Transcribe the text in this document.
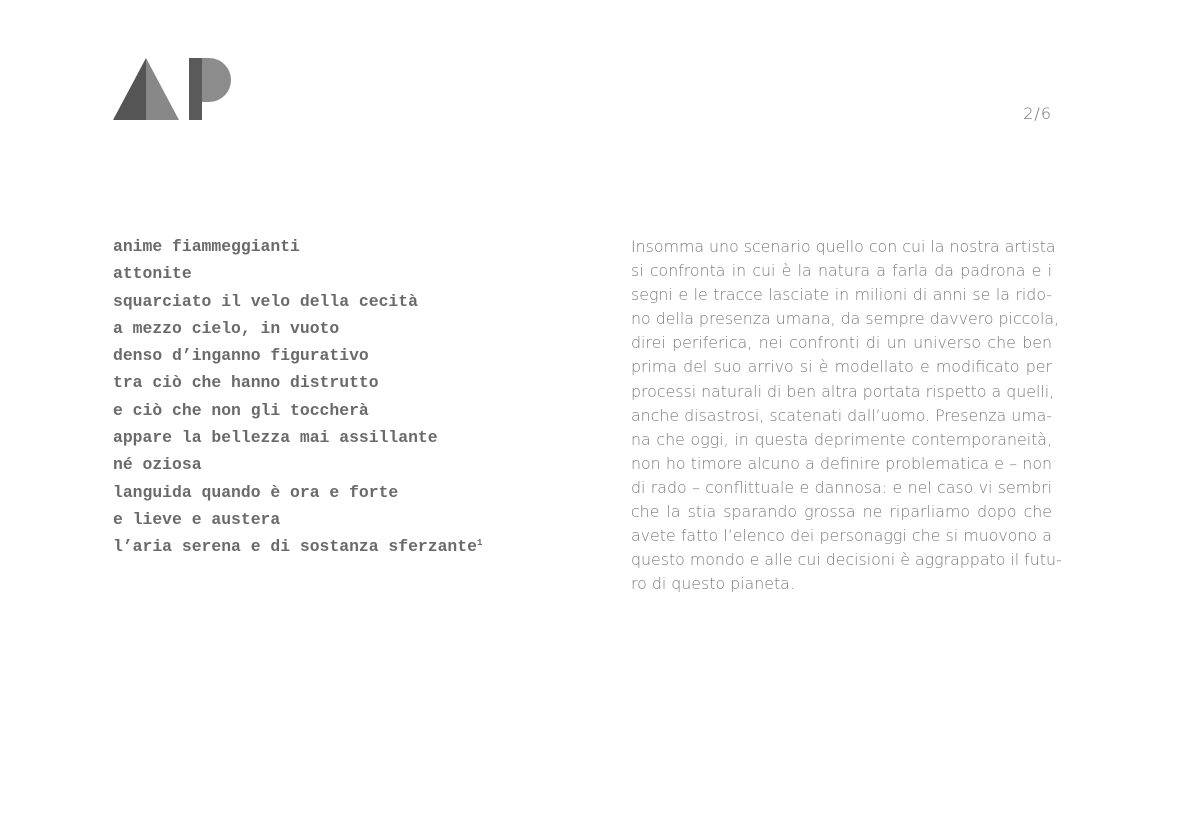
2/6
anime fiammeggianti
attonite
squarciato il velo della cecità
a mezzo cielo, in vuoto
denso d’inganno figurativo
tra ciò che hanno distrutto
e ciò che non gli toccherà
appare la bellezza mai assillante
né oziosa
languida quando è ora e forte
e lieve e austera
l’aria serena e di sostanza sferzante$^1$
Insomma uno scenario quello con cui la nostra artista
si confronta in cui è la natura a farla da padrona e i
segni e le tracce lasciate in milioni di anni se la rido-
no della presenza umana, da sempre davvero piccola,
direi periferica, nei confronti di un universo che ben
prima del suo arrivo si è modellato e modificato per
processi naturali di ben altra portata rispetto a quelli,
anche disastrosi, scatenati dall’uomo. Presenza uma-
na che oggi, in questa deprimente contemporaneità,
non ho timore alcuno a definire problematica e – non
di rado – conflittuale e dannosa: e nel caso vi sembri
che la stia sparando grossa ne riparliamo dopo che
avete fatto l’elenco dei personaggi che si muovono a
questo mondo e alle cui decisioni è aggrappato il futu-
ro di questo pianeta.
